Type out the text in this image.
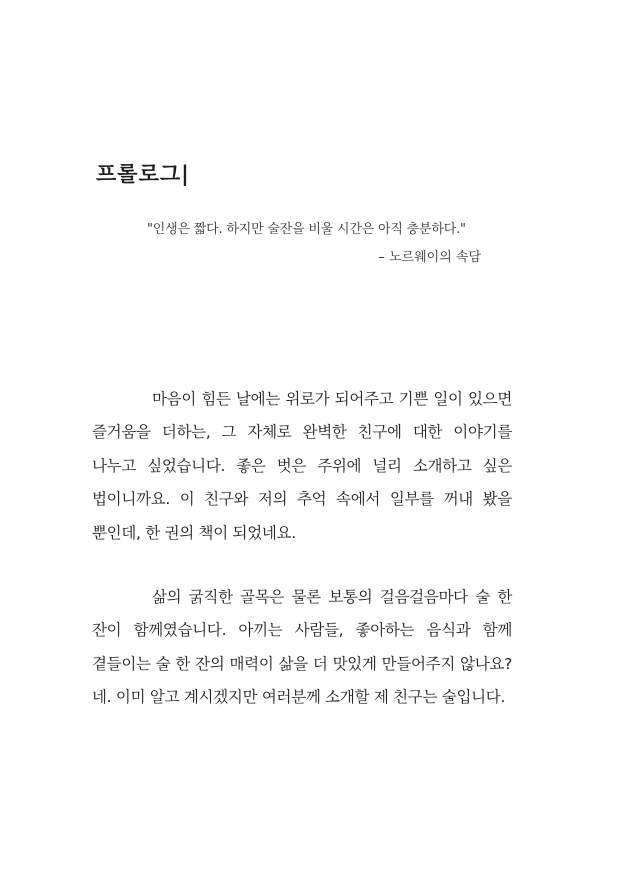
프롤로그|
"인생은 짧다. 하지만 술잔을 비울 시간은 아직 충분하다."
– 노르웨이의 속담

마음이 힘든 날에는 위로가 되어주고 기쁜 일이 있으면 즐거움을 더하는, 그 자체로 완벽한 친구에 대한 이야기를 나누고 싶었습니다. 좋은 벗은 주위에 널리 소개하고 싶은 법이니까요. 이 친구와 저의 추억 속에서 일부를 꺼내 봤을 뿐인데, 한 권의 책이 되었네요.

삶의 굵직한 골목은 물론 보통의 걸음걸음마다 술 한 잔이 함께였습니다. 아끼는 사람들, 좋아하는 음식과 함께 곁들이는 술 한 잔의 매력이 삶을 더 맛있게 만들어주지 않나요? 네. 이미 알고 계시겠지만 여러분께 소개할 제 친구는 술입니다.
